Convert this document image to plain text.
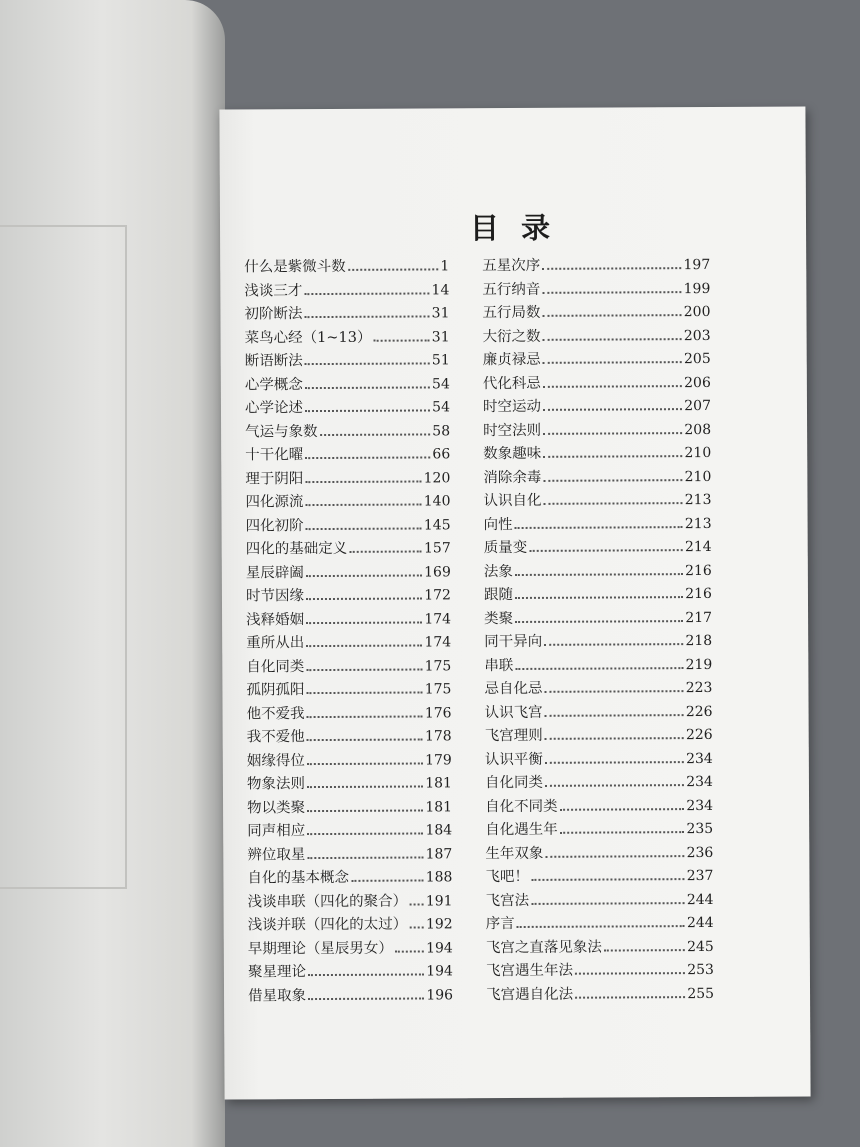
目 录
什么是紫微斗数	1
浅谈三才	14
初阶断法	31
菜鸟心经（1~13）	31
断语断法	51
心学概念	54
心学论述	54
气运与象数	58
十干化曜	66
理于阴阳	120
四化源流	140
四化初阶	145
四化的基础定义	157
星辰辟阖	169
时节因缘	172
浅释婚姻	174
重所从出	174
自化同类	175
孤阴孤阳	175
他不爱我	176
我不爱他	178
姻缘得位	179
物象法则	181
物以类聚	181
同声相应	184
辨位取星	187
自化的基本概念	188
浅谈串联（四化的聚合） 191
浅谈并联（四化的太过） 192
早期理论（星辰男女） 194
聚星理论	194
借星取象	196
五星次序	197
五行纳音	199
五行局数	200
大衍之数	203
廉贞禄忌	205
代化科忌	206
时空运动	207
时空法则	208
数象趣味	210
消除余毒	210
认识自化	213
向性	213
质量变	214
法象	216
跟随	216
类聚	217
同干异向	218
串联	219
忌自化忌	223
认识飞宫	226
飞宫理则	226
认识平衡	234
自化同类	234
自化不同类	234
自化遇生年	235
生年双象	236
飞吧！	237
飞宫法	244
序言	244
飞宫之直落见象法	245
飞宫遇生年法	253
飞宫遇自化法	255
